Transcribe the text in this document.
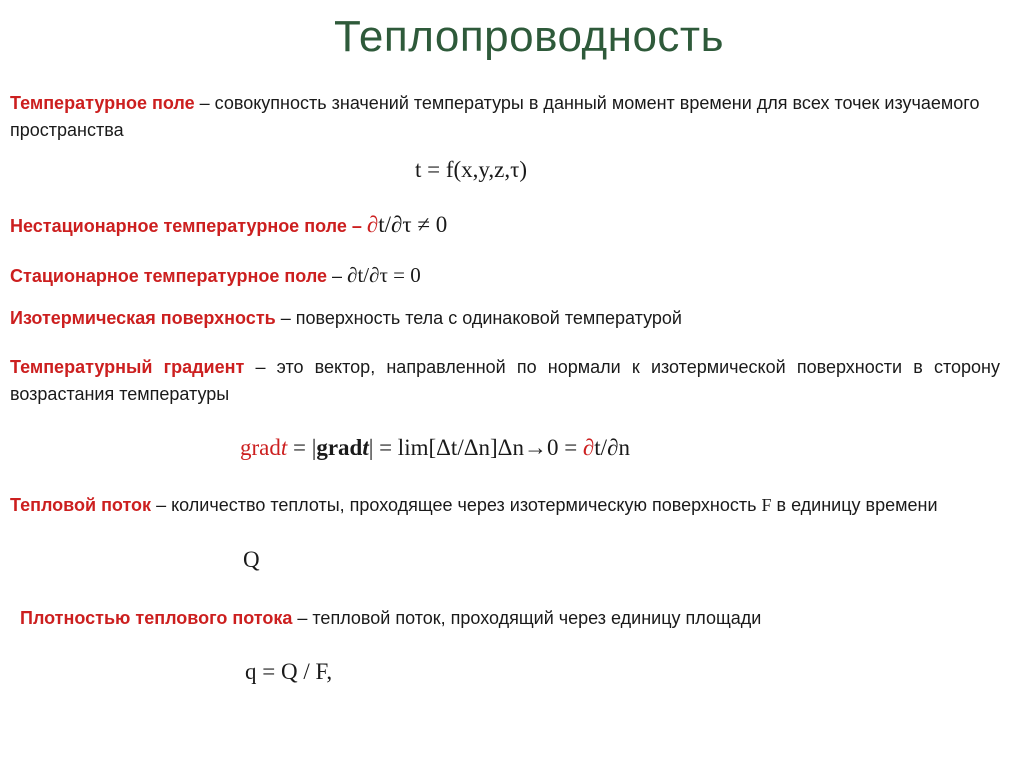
Теплопроводность
Температурное поле – совокупность значений температуры в данный момент времени для всех точек изучаемого пространства
t = f(x,y,z,τ)
Нестационарное температурное поле – ∂t/∂τ ≠ 0
Стационарное температурное поле – ∂t/∂τ = 0
Изотермическая поверхность – поверхность тела с одинаковой температурой
Температурный градиент – это вектор, направленной по нормали к изотермической поверхности в сторону возрастания температуры
gradt = |gradt| = lim[Δt/Δn]Δn→0 = ∂t/∂n
Тепловой поток – количество теплоты, проходящее через изотермическую поверхность F в единицу времени
Q
Плотностью теплового потока – тепловой поток, проходящий через единицу площади
q = Q / F,
